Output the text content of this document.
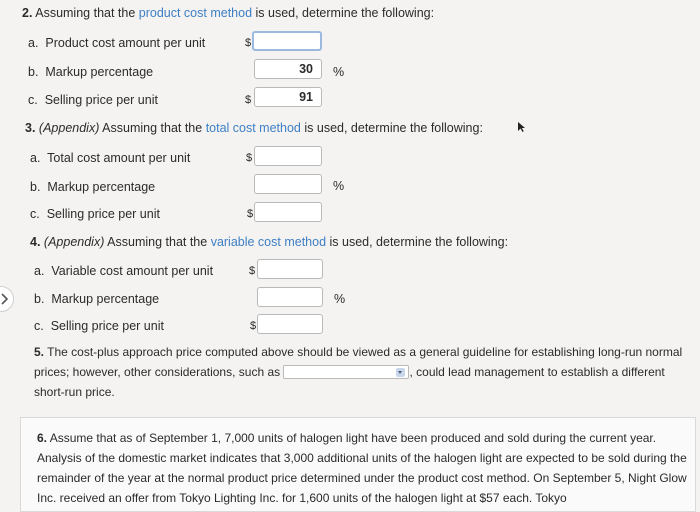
2. Assuming that the product cost method is used, determine the following:
a. Product cost amount per unit	$
b. Markup percentage	30	%
c. Selling price per unit	$	91
3. (Appendix) Assuming that the total cost method is used, determine the following:
a. Total cost amount per unit	$
b. Markup percentage	%
c. Selling price per unit	$
4. (Appendix) Assuming that the variable cost method is used, determine the following:
a. Variable cost amount per unit	$
b. Markup percentage	%
c. Selling price per unit	$
5. The cost-plus approach price computed above should be viewed as a general guideline for establishing long-run normal prices; however, other considerations, such as	, could lead management to establish a different short-run price.
6. Assume that as of September 1, 7,000 units of halogen light have been produced and sold during the current year. Analysis of the domestic market indicates that 3,000 additional units of the halogen light are expected to be sold during the remainder of the year at the normal product price determined under the product cost method. On September 5, Night Glow Inc. received an offer from Tokyo Lighting Inc. for 1,600 units of the halogen light at $57 each. Tokyo
